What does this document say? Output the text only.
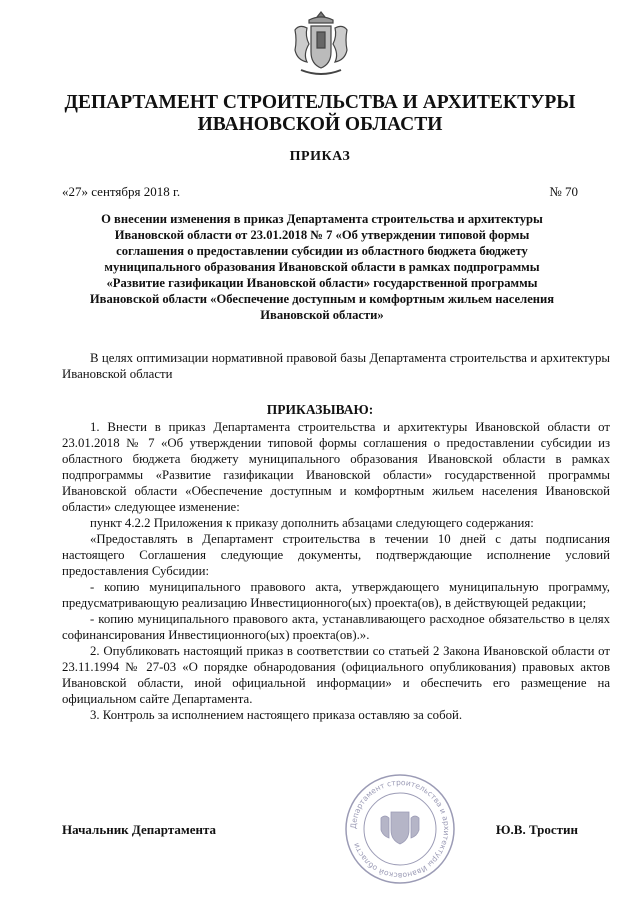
ДЕПАРТАМЕНТ СТРОИТЕЛЬСТВА И АРХИТЕКТУРЫ
ИВАНОВСКОЙ ОБЛАСТИ
ПРИКАЗ
«27» сентября 2018 г.	№ 70
О внесении изменения в приказ Департамента строительства и архитектуры
Ивановской области от 23.01.2018 № 7 «Об утверждении типовой формы
соглашения о предоставлении субсидии из областного бюджета бюджету
муниципального образования Ивановской области в рамках подпрограммы
«Развитие газификации Ивановской области» государственной программы
Ивановской области «Обеспечение доступным и комфортным жильем населения
Ивановской области»
В целях оптимизации нормативной правовой базы Департамента строительства и архитектуры Ивановской области
ПРИКАЗЫВАЮ:

1. Внести в приказ Департамента строительства и архитектуры Ивановской области от 23.01.2018 № 7 «Об утверждении типовой формы соглашения о предоставлении субсидии из областного бюджета бюджету муниципального образования Ивановской области в рамках подпрограммы «Развитие газификации Ивановской области» государственной программы Ивановской области «Обеспечение доступным и комфортным жильем населения Ивановской области» следующее изменение:

пункт 4.2.2 Приложения к приказу дополнить абзацами следующего содержания:

«Предоставлять в Департамент строительства в течении 10 дней с даты подписания настоящего Соглашения следующие документы, подтверждающие исполнение условий предоставления Субсидии:

- копию муниципального правового акта, утверждающего муниципальную программу, предусматривающую реализацию Инвестиционного(ых) проекта(ов), в действующей редакции;

- копию муниципального правового акта, устанавливающего расходное обязательство в целях софинансирования Инвестиционного(ых) проекта(ов).».

2. Опубликовать настоящий приказ в соответствии со статьей 2 Закона Ивановской области от 23.11.1994 № 27-03 «О порядке обнародования (официального опубликования) правовых актов Ивановской области, иной официальной информации» и обеспечить его размещение на официальном сайте Департамента.

3. Контроль за исполнением настоящего приказа оставляю за собой.

Департамент строительства и архитектуры Ивановской области
Начальник Департамента	Ю.В. Тростин
